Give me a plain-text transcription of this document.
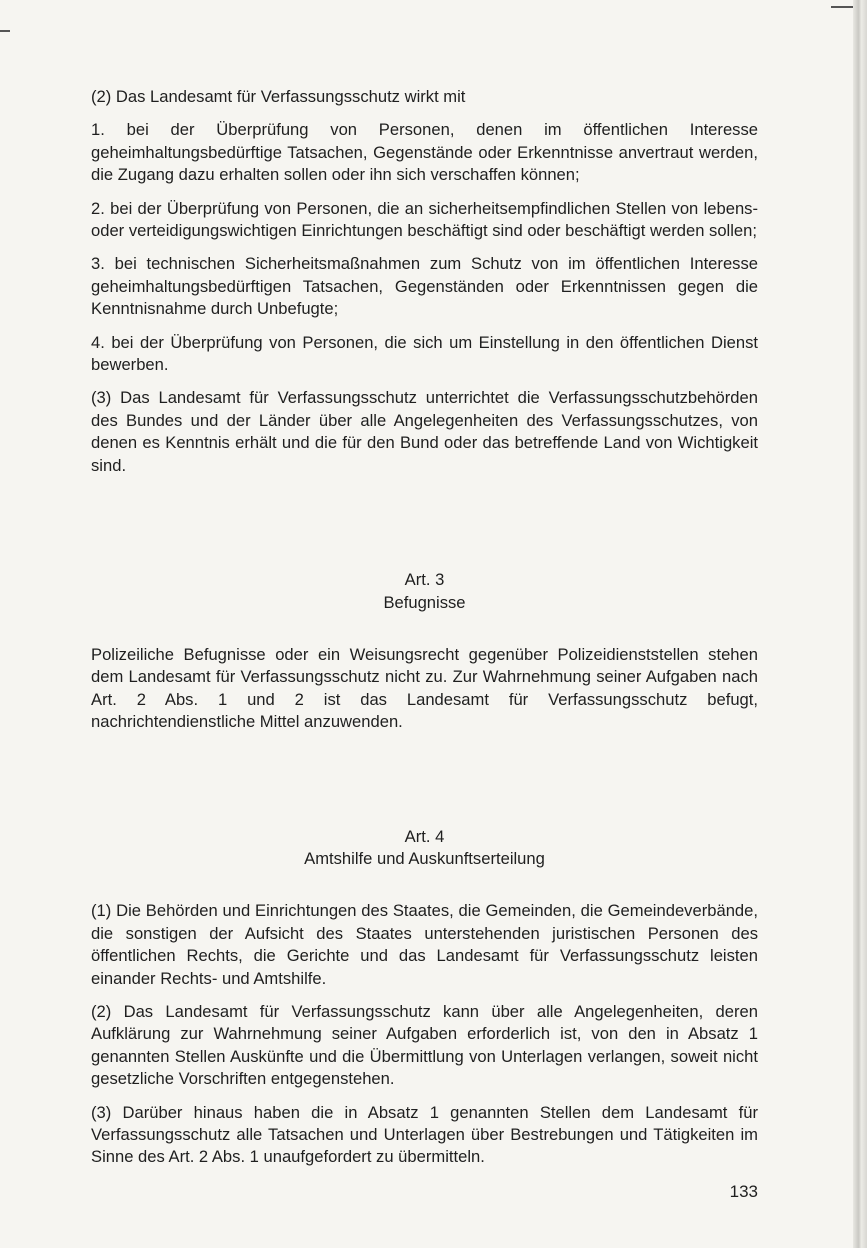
(2) Das Landesamt für Verfassungsschutz wirkt mit

1. bei der Überprüfung von Personen, denen im öffentlichen Interesse geheimhaltungsbedürftige Tatsachen, Gegenstände oder Erkenntnisse anvertraut werden, die Zugang dazu erhalten sollen oder ihn sich verschaffen können;

2. bei der Überprüfung von Personen, die an sicherheitsempfindlichen Stellen von lebens- oder verteidigungswichtigen Einrichtungen beschäftigt sind oder beschäftigt werden sollen;

3. bei technischen Sicherheitsmaßnahmen zum Schutz von im öffentlichen Interesse geheimhaltungsbedürftigen Tatsachen, Gegenständen oder Erkenntnissen gegen die Kenntnisnahme durch Unbefugte;

4. bei der Überprüfung von Personen, die sich um Einstellung in den öffentlichen Dienst bewerben.

(3) Das Landesamt für Verfassungsschutz unterrichtet die Verfassungsschutzbehörden des Bundes und der Länder über alle Angelegenheiten des Verfassungsschutzes, von denen es Kenntnis erhält und die für den Bund oder das betreffende Land von Wichtigkeit sind.

Art. 3
Befugnisse

Polizeiliche Befugnisse oder ein Weisungsrecht gegenüber Polizeidienststellen stehen dem Landesamt für Verfassungsschutz nicht zu. Zur Wahrnehmung seiner Aufgaben nach Art. 2 Abs. 1 und 2 ist das Landesamt für Verfassungsschutz befugt, nachrichtendienstliche Mittel anzuwenden.

Art. 4
Amtshilfe und Auskunftserteilung

(1) Die Behörden und Einrichtungen des Staates, die Gemeinden, die Gemeindeverbände, die sonstigen der Aufsicht des Staates unterstehenden juristischen Personen des öffentlichen Rechts, die Gerichte und das Landesamt für Verfassungsschutz leisten einander Rechts- und Amtshilfe.

(2) Das Landesamt für Verfassungsschutz kann über alle Angelegenheiten, deren Aufklärung zur Wahrnehmung seiner Aufgaben erforderlich ist, von den in Absatz 1 genannten Stellen Auskünfte und die Übermittlung von Unterlagen verlangen, soweit nicht gesetzliche Vorschriften entgegenstehen.

(3) Darüber hinaus haben die in Absatz 1 genannten Stellen dem Landesamt für Verfassungsschutz alle Tatsachen und Unterlagen über Bestrebungen und Tätigkeiten im Sinne des Art. 2 Abs. 1 unaufgefordert zu übermitteln.

133
